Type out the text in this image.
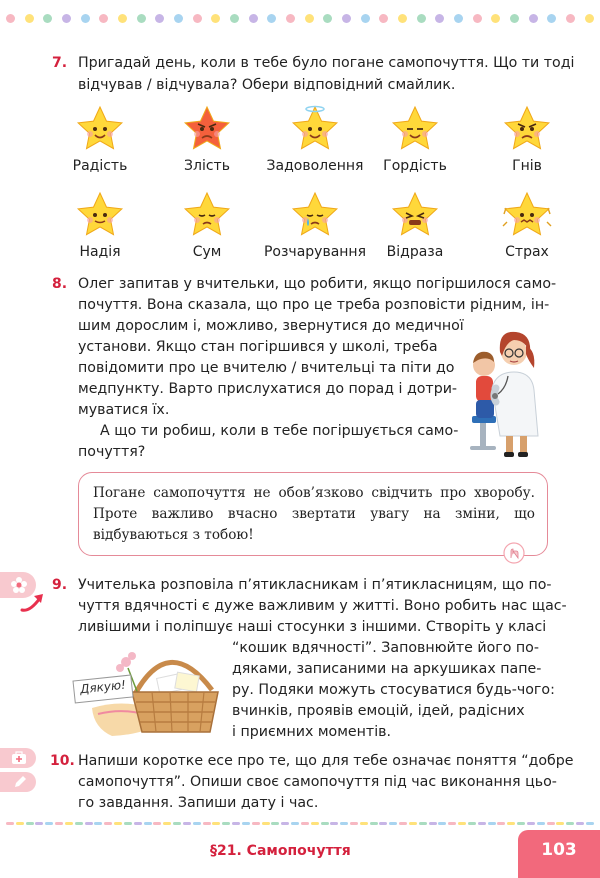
7. Пригадай день, коли в тебе було погане самопочуття. Що ти тоді
відчував / відчувала? Обери відповідний смайлик.
Радість	Злість	Задоволення	Гордість	Гнів
Надія	Сум	Розчарування	Відраза	Страх
8. Олег запитав у вчительки, що робити, якщо погіршилося само-
почуття. Вона сказала, що про це треба розповісти рідним, ін-
шим дорослим і, можливо, звернутися до медичної
установи. Якщо стан погіршився у школі, треба
повідомити про це вчителю / вчительці та піти до
медпункту. Варто прислухатися до порад і дотри-
муватися їх.
А що ти робиш, коли в тебе погіршується само-
почуття?

Погане самопочуття не обов’язково свідчить про хворобу. Проте важливо вчасно звертати увагу на зміни, що відбуваються з тобою!

9. Учителька розповіла п’ятикласникам і п’ятикласницям, що по-
чуття вдячності є дуже важливим у житті. Воно робить нас щас-
ливішими і поліпшує наші стосунки з іншими. Створіть у класі
“кошик вдячності”. Заповнюйте його по-
дяками, записаними на аркушиках папе-
ру. Подяки можуть стосуватися будь-чого:
вчинків, проявів емоцій, ідей, радісних
і приємних моментів.
Дякую!
10. Напиши коротке есе про те, що для тебе означає поняття “добре
самопочуття”. Опиши своє самопочуття під час виконання цьо-
го завдання. Запиши дату і час.
§21. Самопочуття	103
